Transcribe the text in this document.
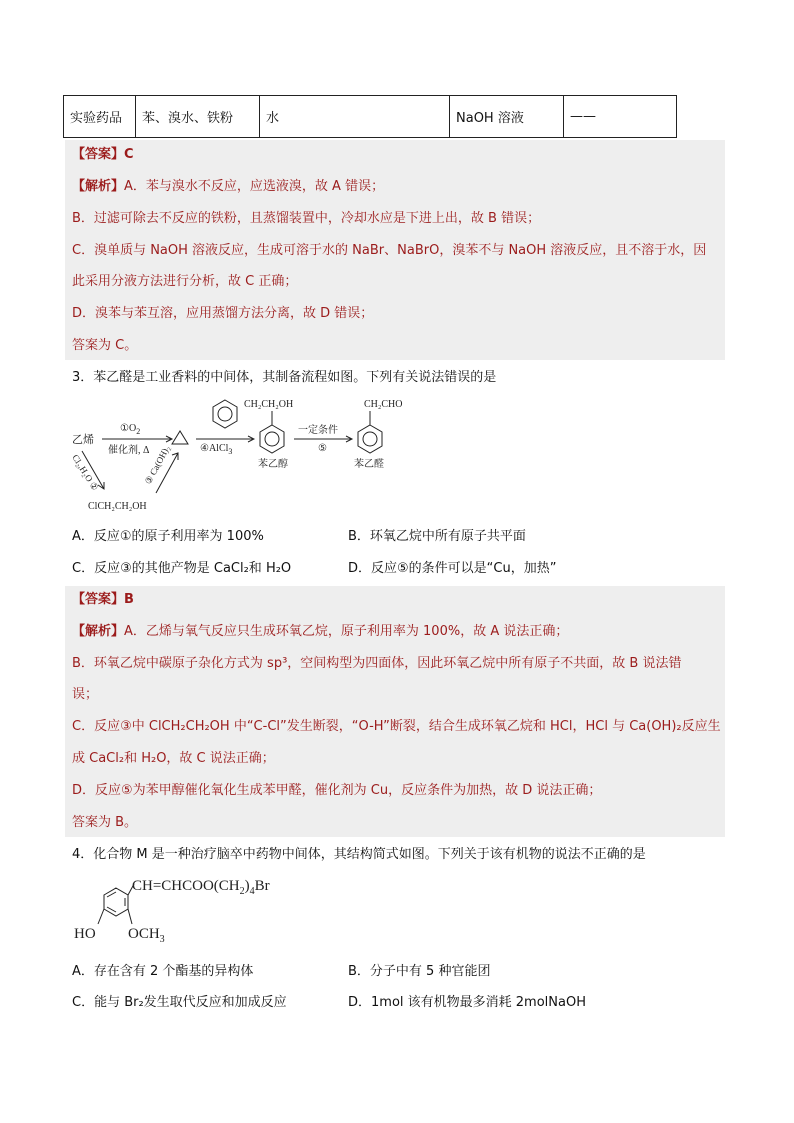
实验药品	苯、溴水、铁粉	水	NaOH 溶液	——
【答案】C
【解析】A．苯与溴水不反应，应选液溴，故 A 错误；
B．过滤可除去不反应的铁粉，且蒸馏装置中，冷却水应是下进上出，故 B 错误；
C．溴单质与 NaOH 溶液反应，生成可溶于水的 NaBr、NaBrO，溴苯不与 NaOH 溶液反应，且不溶于水，因
此采用分液方法进行分析，故 C 正确；
D．溴苯与苯互溶，应用蒸馏方法分离，故 D 错误；
答案为 C。
3．苯乙醛是工业香料的中间体，其制备流程如图。下列有关说法错误的是
乙烯
$①O_2$
催化剂, Δ	④AlCl$_3$
CH₂CH₂OH
苯乙醇
一定条件
⑤
CH₂CHO
苯乙醛
Cl₂,H₂O ②	③ Ca(OH)₂
ClCH₂CH₂OH
A．反应①的原子利用率为 100%	B．环氧乙烷中所有原子共平面
C．反应③的其他产物是 CaCl₂和 H₂O	D．反应⑤的条件可以是“Cu，加热”
【答案】B
【解析】A．乙烯与氧气反应只生成环氧乙烷，原子利用率为 100%，故 A 说法正确；
B．环氧乙烷中碳原子杂化方式为 sp³，空间构型为四面体，因此环氧乙烷中所有原子不共面，故 B 说法错
误；
C．反应③中 ClCH₂CH₂OH 中“C-Cl”发生断裂，“O-H”断裂，结合生成环氧乙烷和 HCl，HCl 与 Ca(OH)₂反应生
成 CaCl₂和 H₂O，故 C 说法正确；
D．反应⑤为苯甲醇催化氧化生成苯甲醛，催化剂为 Cu，反应条件为加热，故 D 说法正确；
答案为 B。
4．化合物 M 是一种治疗脑卒中药物中间体，其结构简式如图。下列关于该有机物的说法不正确的是
$CH=CHCOO(CH_2)_4Br$
HO $OCH_3$
A．存在含有 2 个酯基的异构体	B．分子中有 5 种官能团
C．能与 Br₂发生取代反应和加成反应	D．1mol 该有机物最多消耗 2molNaOH
